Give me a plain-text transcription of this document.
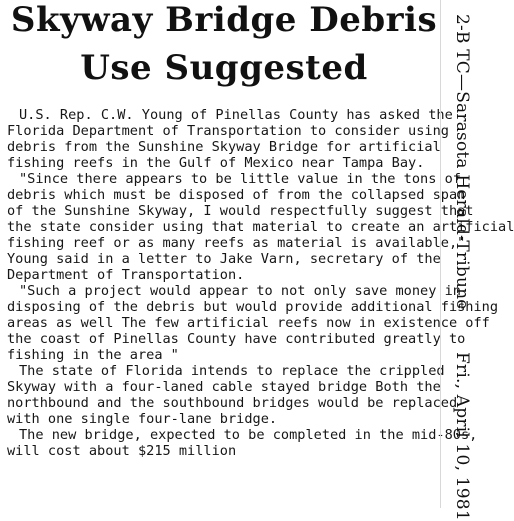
Skyway Bridge Debris
Use Suggested
U.S. Rep. C.W. Young of Pinellas County has asked the
Florida Department of Transportation to consider using
debris from the Sunshine Skyway Bridge for artificial
fishing reefs in the Gulf of Mexico near Tampa Bay.
"Since there appears to be little value in the tons of
debris which must be disposed of from the collapsed span
of the Sunshine Skyway, I would respectfully suggest that
the state consider using that material to create an artificial
fishing reef or as many reefs as material is available,"
Young said in a letter to Jake Varn, secretary of the
Department of Transportation.
"Such a project would appear to not only save money in
disposing of the debris but would provide additional fishing
areas as well The few artificial reefs now in existence off
the coast of Pinellas County have contributed greatly to
fishing in the area "
The state of Florida intends to replace the crippled
Skyway with a four-laned cable stayed bridge Both the
northbound and the southbound bridges would be replaced
with one single four-lane bridge.
The new bridge, expected to be completed in the mid-80s,
will cost about $215 million
2-B TC—Sarasota Herald-Tribune
Fri., April 10, 1981
